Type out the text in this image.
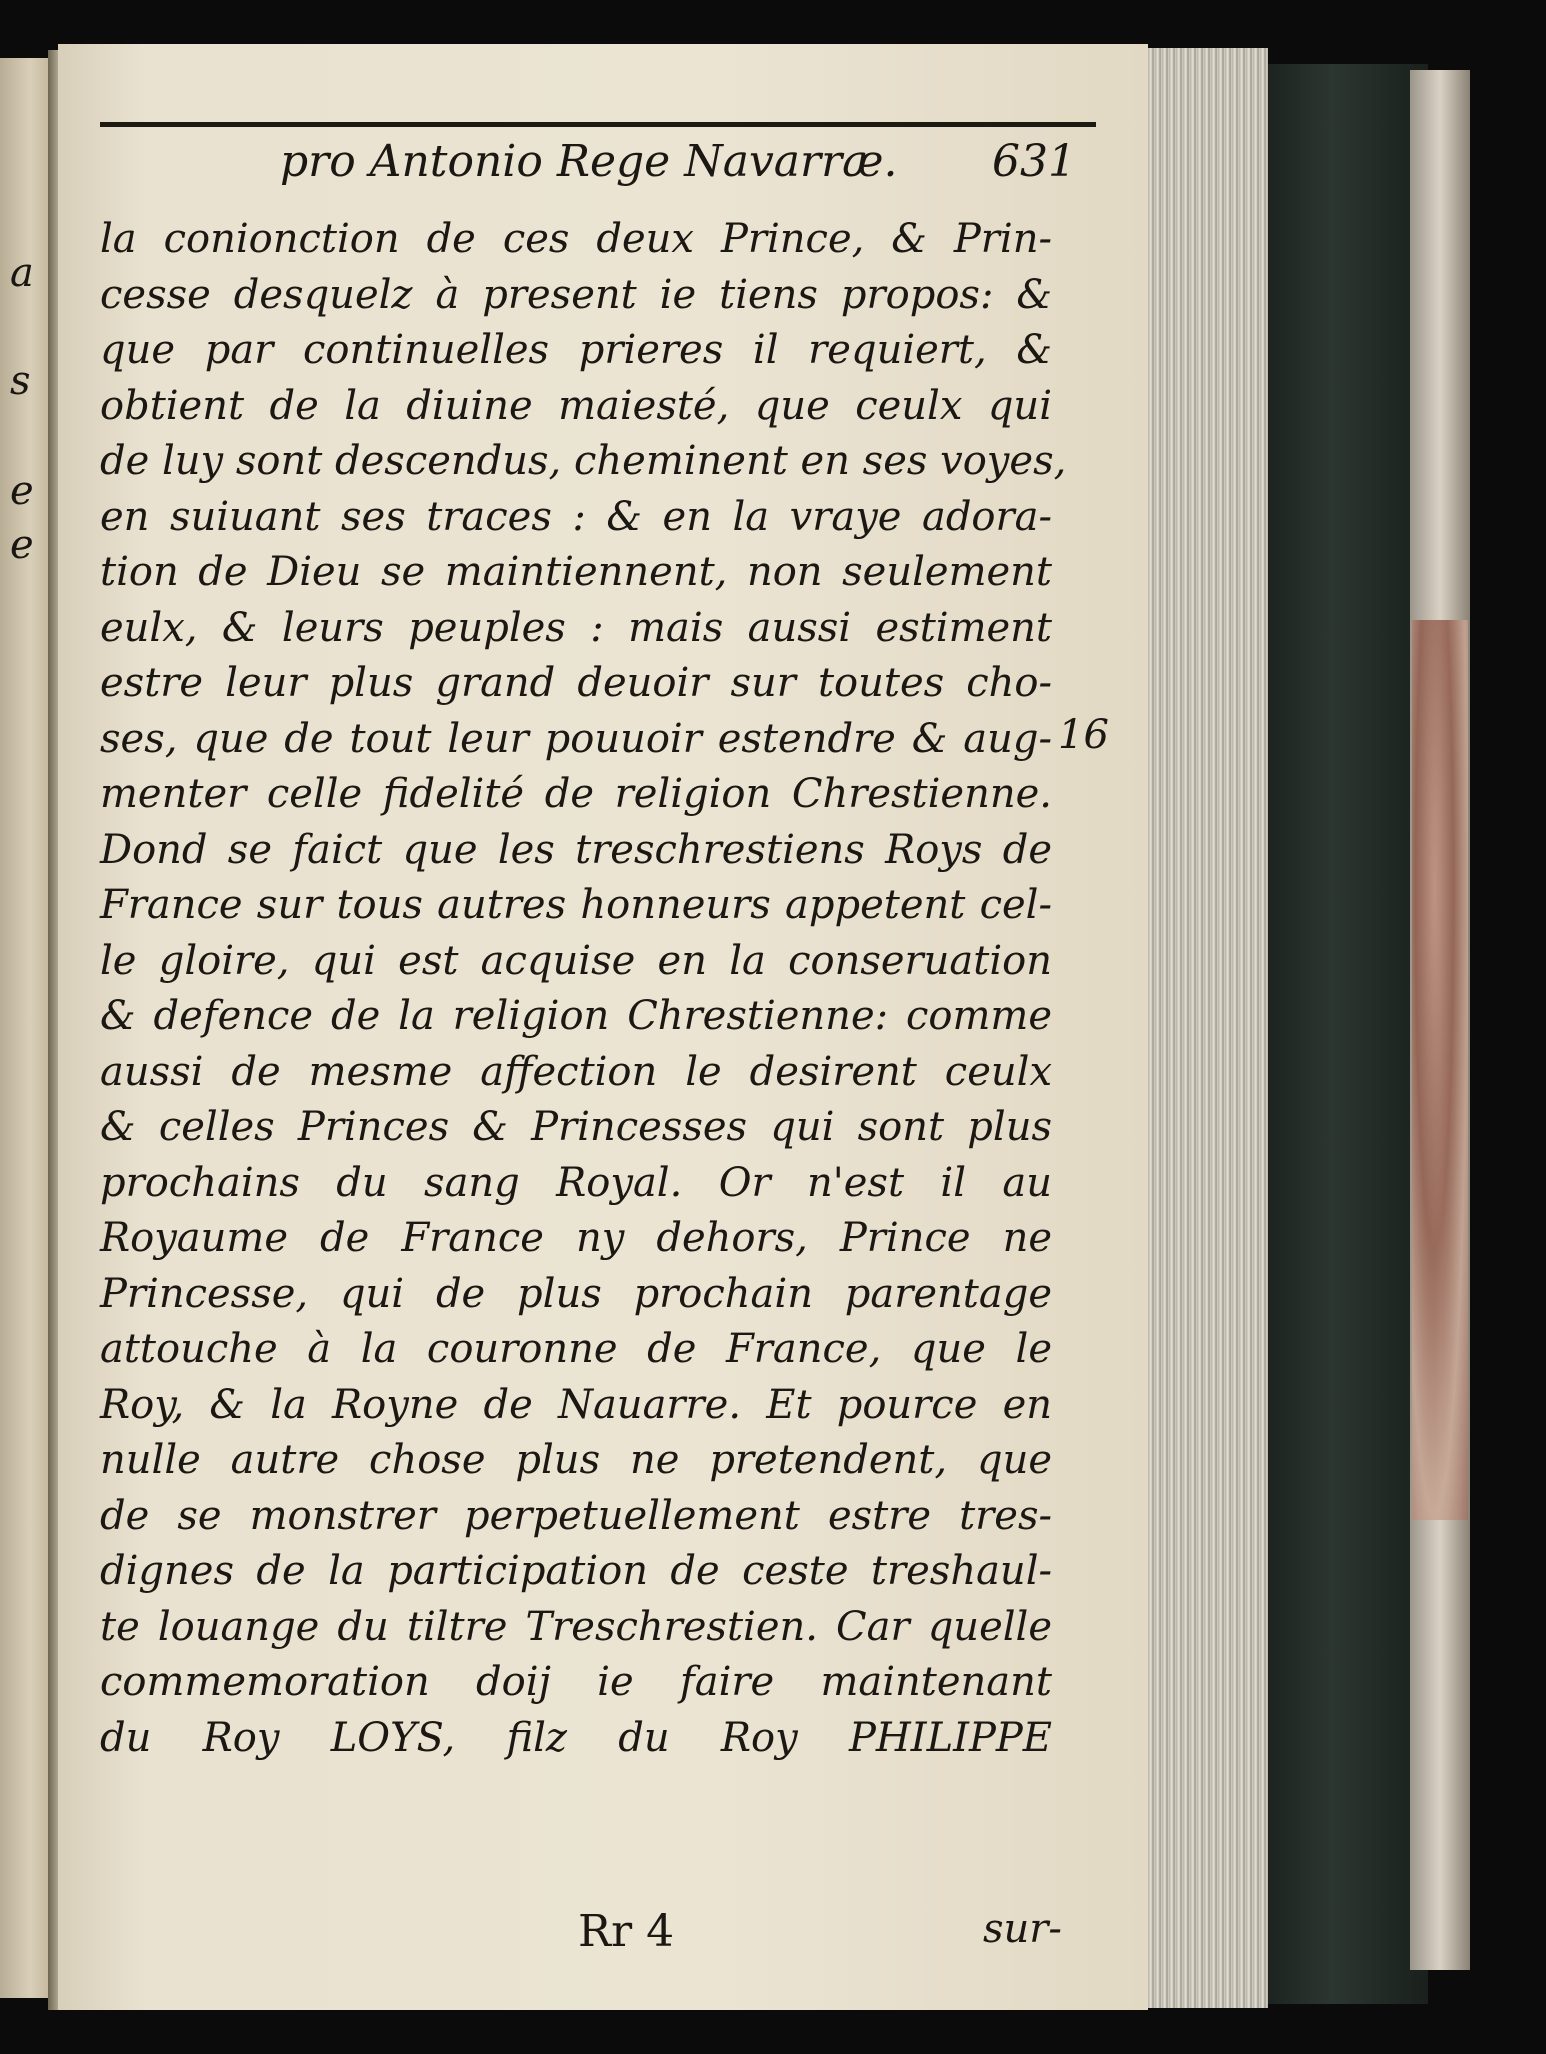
a
s
e
e
pro Antonio Rege Navarræ. 631
la conionction de ces deux Prince, & Prin-
cesse desquelz à present ie tiens propos: &
que par continuelles prieres il requiert, &
obtient de la diuine maiesté, que ceulx qui
de luy sont descendus, cheminent en ses voyes,
en suiuant ses traces : & en la vraye adora-
tion de Dieu se maintiennent, non seulement
eulx, & leurs peuples : mais aussi estiment
estre leur plus grand deuoir sur toutes cho-
ses, que de tout leur pouuoir estendre & aug-
menter celle fidelité de religion Chrestienne.
Dond se faict que les treschrestiens Roys de
France sur tous autres honneurs appetent cel-
le gloire, qui est acquise en la conseruation
& defence de la religion Chrestienne: comme
aussi de mesme affection le desirent ceulx
& celles Princes & Princesses qui sont plus
prochains du sang Royal. Or n'est il au
Royaume de France ny dehors, Prince ne
Princesse, qui de plus prochain parentage
attouche à la couronne de France, que le
Roy, & la Royne de Nauarre. Et pource en
nulle autre chose plus ne pretendent, que
de se monstrer perpetuellement estre tres-
dignes de la participation de ceste treshaul-
te louange du tiltre Treschrestien. Car quelle
commemoration doij ie faire maintenant
du Roy LOYS, filz du Roy PHILIPPE
16
Rr 4	sur-
